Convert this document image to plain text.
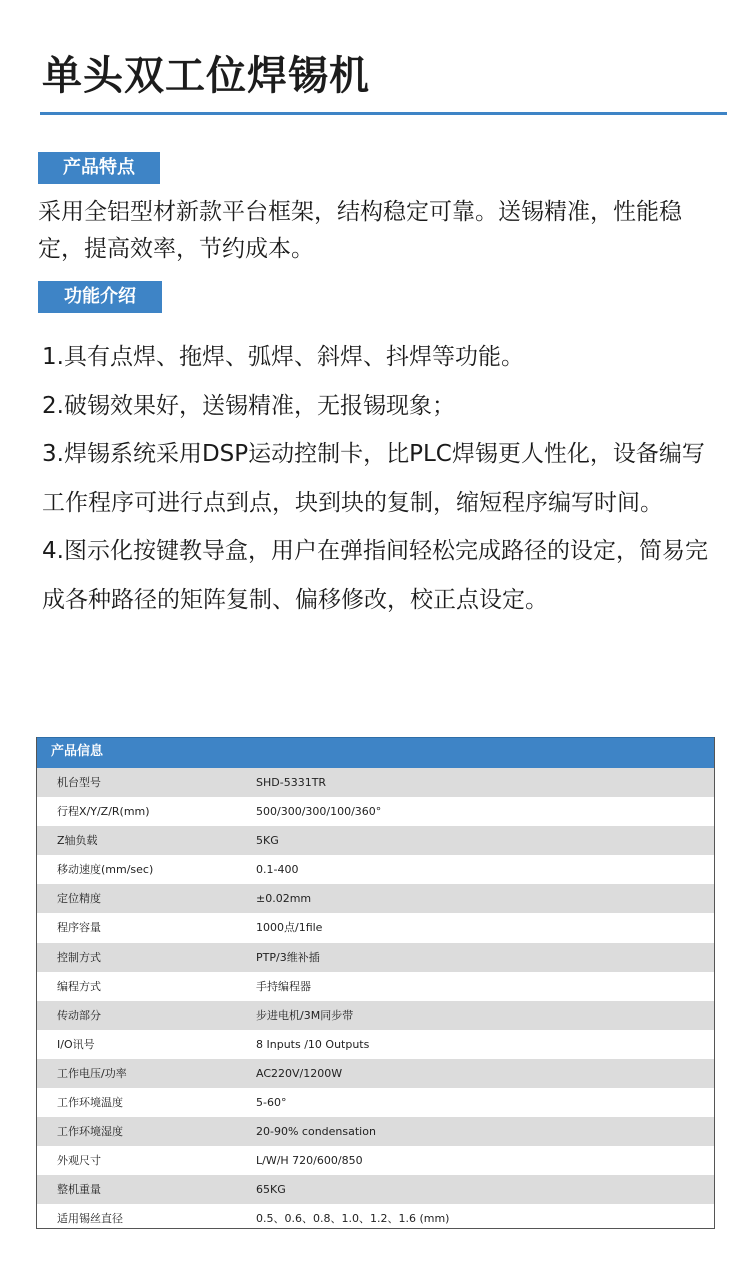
单头双工位焊锡机
产品特点

采用全铝型材新款平台框架，结构稳定可靠。送锡精准，性能稳定，提高效率，节约成本。

功能介绍

1.具有点焊、拖焊、弧焊、斜焊、抖焊等功能。

2.破锡效果好，送锡精准，无报锡现象；

3.焊锡系统采用DSP运动控制卡，比PLC焊锡更人性化，设备编写工作程序可进行点到点，块到块的复制，缩短程序编写时间。

4.图示化按键教导盒，用户在弹指间轻松完成路径的设定，简易完成各种路径的矩阵复制、偏移修改，校正点设定。

产品信息
机台型号	SHD-5331TR
行程X/Y/Z/R(mm)	500/300/300/100/360°
Z轴负载	5KG
移动速度(mm/sec)	0.1-400
定位精度	±0.02mm
程序容量	1000点/1file
控制方式	PTP/3维补插
编程方式	手持编程器
传动部分	步进电机/3M同步带
I/O讯号	8 Inputs /10 Outputs
工作电压/功率	AC220V/1200W
工作环境温度	5-60°
工作环境湿度	20-90% condensation
外观尺寸	L/W/H 720/600/850
整机重量	65KG
适用锡丝直径	0.5、0.6、0.8、1.0、1.2、1.6 (mm)
